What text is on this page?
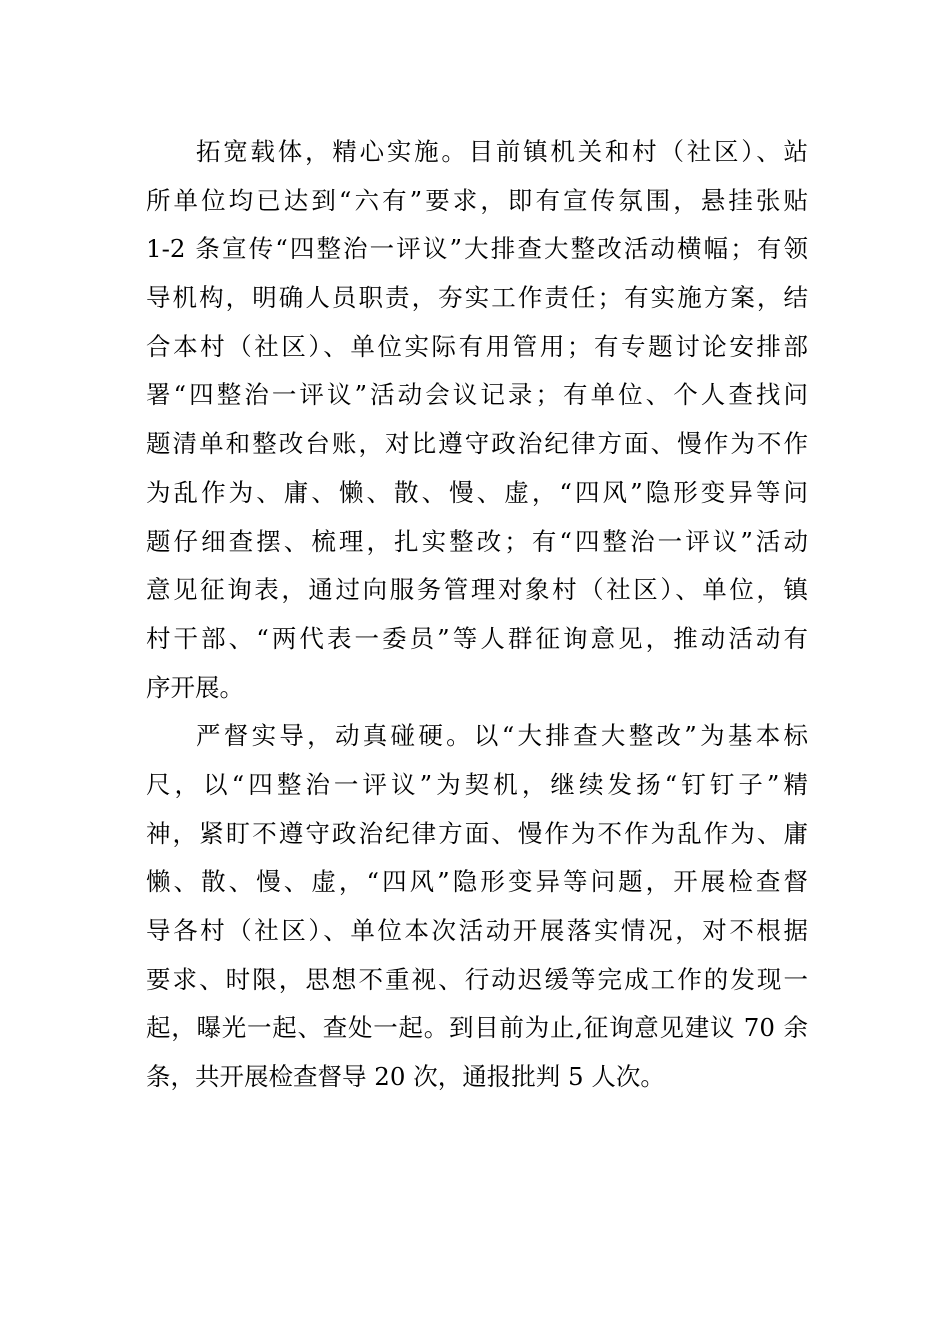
拓宽载体，精心实施。目前镇机关和村（社区）、站
所单位均已达到“六有”要求，即有宣传氛围，悬挂张贴
1-2 条宣传“四整治一评议”大排查大整改活动横幅；有领
导机构，明确人员职责，夯实工作责任；有实施方案，结
合本村（社区）、单位实际有用管用；有专题讨论安排部
署“四整治一评议”活动会议记录；有单位、个人查找问
题清单和整改台账，对比遵守政治纪律方面、慢作为不作
为乱作为、庸、懒、散、慢、虚，“四风”隐形变异等问
题仔细查摆、梳理，扎实整改；有“四整治一评议”活动
意见征询表，通过向服务管理对象村（社区）、单位，镇
村干部、“两代表一委员”等人群征询意见，推动活动有
序开展。
严督实导，动真碰硬。以“大排查大整改”为基本标
尺，以“四整治一评议”为契机，继续发扬“钉钉子”精
神，紧盯不遵守政治纪律方面、慢作为不作为乱作为、庸
懒、散、慢、虚，“四风”隐形变异等问题，开展检查督
导各村（社区）、单位本次活动开展落实情况，对不根据
要求、时限，思想不重视、行动迟缓等完成工作的发现一
起，曝光一起、查处一起。到目前为止,征询意见建议 70 余
条，共开展检查督导 20 次，通报批判 5 人次。
